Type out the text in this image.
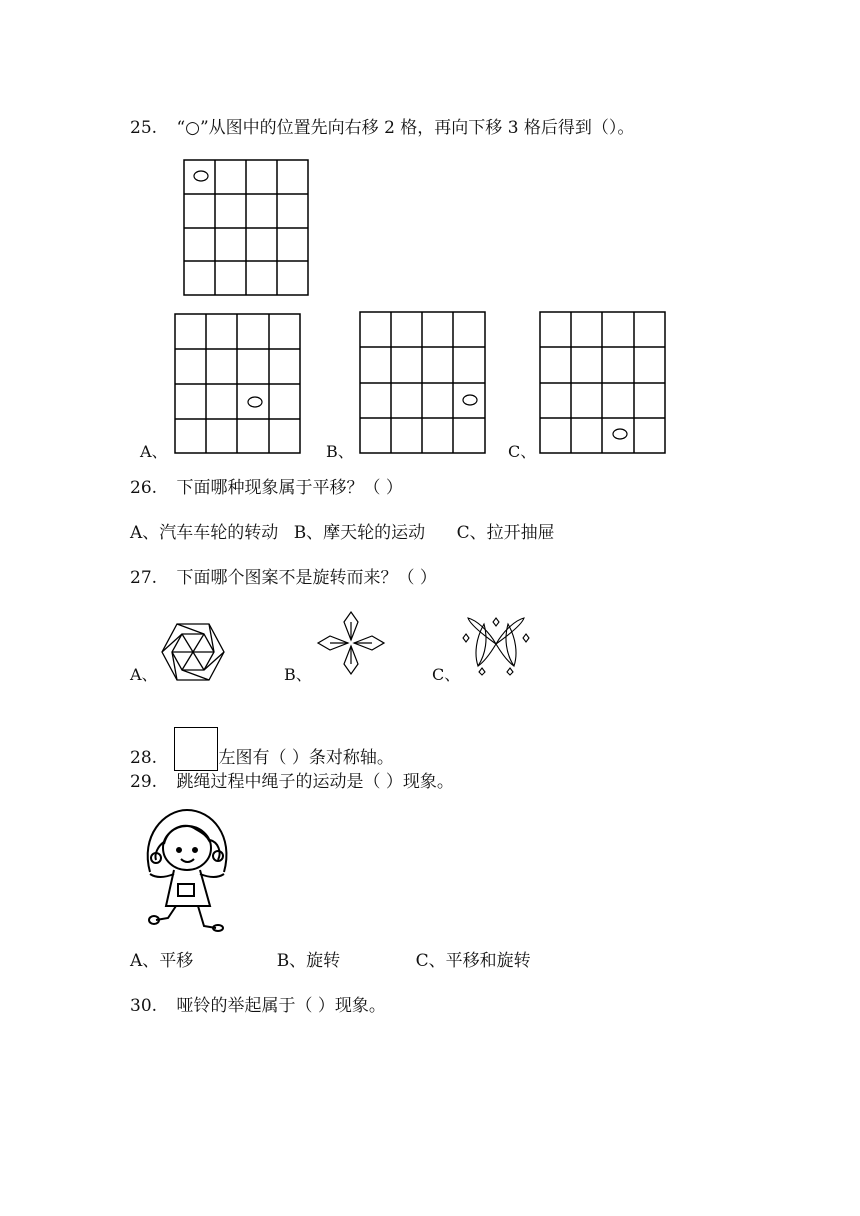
25. “○”从图中的位置先向右移 2 格，再向下移 3 格后得到（）。
A、	B、	C、
26. 下面哪种现象属于平移？（ ）
A、汽车车轮的转动 B、摩天轮的运动 C、拉开抽屉
27. 下面哪个图案不是旋转而来？（ ）
A、	B、	C、
28.	左图有（ ）条对称轴。
29. 跳绳过程中绳子的运动是（ ）现象。
A、平移	B、旋转	C、平移和旋转
30. 哑铃的举起属于（ ）现象。
